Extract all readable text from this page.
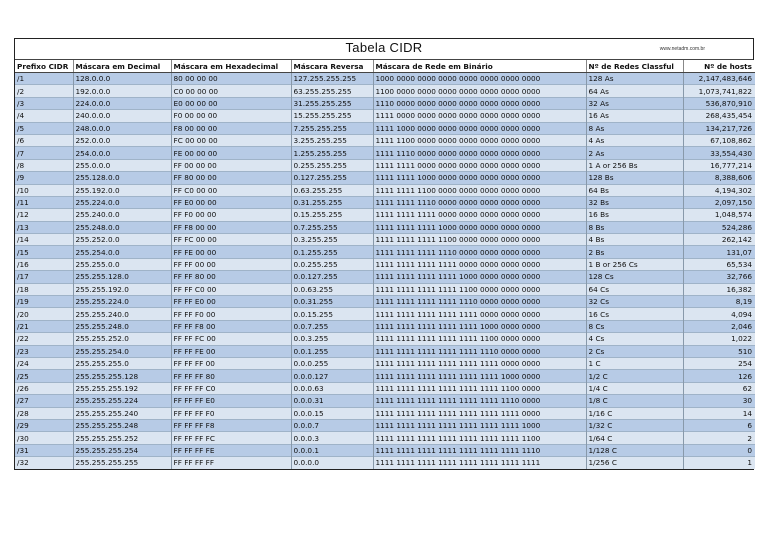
Tabela CIDR	www.netadm.com.br
Prefixo CIDR	Máscara em Decimal	Máscara em Hexadecimal	Máscara Reversa	Máscara de Rede em Binário	Nº de Redes Classful	Nº de hosts
/1	128.0.0.0	80 00 00 00	127.255.255.255	1000 0000 0000 0000 0000 0000 0000 0000	128 As	2,147,483,646
/2	192.0.0.0	C0 00 00 00	63.255.255.255	1100 0000 0000 0000 0000 0000 0000 0000	64 As	1,073,741,822
/3	224.0.0.0	E0 00 00 00	31.255.255.255	1110 0000 0000 0000 0000 0000 0000 0000	32 As	536,870,910
/4	240.0.0.0	F0 00 00 00	15.255.255.255	1111 0000 0000 0000 0000 0000 0000 0000	16 As	268,435,454
/5	248.0.0.0	F8 00 00 00	7.255.255.255	1111 1000 0000 0000 0000 0000 0000 0000	8 As	134,217,726
/6	252.0.0.0	FC 00 00 00	3.255.255.255	1111 1100 0000 0000 0000 0000 0000 0000	4 As	67,108,862
/7	254.0.0.0	FE 00 00 00	1.255.255.255	1111 1110 0000 0000 0000 0000 0000 0000	2 As	33,554,430
/8	255.0.0.0	FF 00 00 00	0.255.255.255	1111 1111 0000 0000 0000 0000 0000 0000	1 A or 256 Bs	16,777,214
/9	255.128.0.0	FF 80 00 00	0.127.255.255	1111 1111 1000 0000 0000 0000 0000 0000	128 Bs	8,388,606
/10	255.192.0.0	FF C0 00 00	0.63.255.255	1111 1111 1100 0000 0000 0000 0000 0000	64 Bs	4,194,302
/11	255.224.0.0	FF E0 00 00	0.31.255.255	1111 1111 1110 0000 0000 0000 0000 0000	32 Bs	2,097,150
/12	255.240.0.0	FF F0 00 00	0.15.255.255	1111 1111 1111 0000 0000 0000 0000 0000	16 Bs	1,048,574
/13	255.248.0.0	FF F8 00 00	0.7.255.255	1111 1111 1111 1000 0000 0000 0000 0000	8 Bs	524,286
/14	255.252.0.0	FF FC 00 00	0.3.255.255	1111 1111 1111 1100 0000 0000 0000 0000	4 Bs	262,142
/15	255.254.0.0	FF FE 00 00	0.1.255.255	1111 1111 1111 1110 0000 0000 0000 0000	2 Bs	131,07
/16	255.255.0.0	FF FF 00 00	0.0.255.255	1111 1111 1111 1111 0000 0000 0000 0000	1 B or 256 Cs	65,534
/17	255.255.128.0	FF FF 80 00	0.0.127.255	1111 1111 1111 1111 1000 0000 0000 0000	128 Cs	32,766
/18	255.255.192.0	FF FF C0 00	0.0.63.255	1111 1111 1111 1111 1100 0000 0000 0000	64 Cs	16,382
/19	255.255.224.0	FF FF E0 00	0.0.31.255	1111 1111 1111 1111 1110 0000 0000 0000	32 Cs	8,19
/20	255.255.240.0	FF FF F0 00	0.0.15.255	1111 1111 1111 1111 1111 0000 0000 0000	16 Cs	4,094
/21	255.255.248.0	FF FF F8 00	0.0.7.255	1111 1111 1111 1111 1111 1000 0000 0000	8 Cs	2,046
/22	255.255.252.0	FF FF FC 00	0.0.3.255	1111 1111 1111 1111 1111 1100 0000 0000	4 Cs	1,022
/23	255.255.254.0	FF FF FE 00	0.0.1.255	1111 1111 1111 1111 1111 1110 0000 0000	2 Cs	510
/24	255.255.255.0	FF FF FF 00	0.0.0.255	1111 1111 1111 1111 1111 1111 0000 0000	1 C	254
/25	255.255.255.128	FF FF FF 80	0.0.0.127	1111 1111 1111 1111 1111 1111 1000 0000	1/2 C	126
/26	255.255.255.192	FF FF FF C0	0.0.0.63	1111 1111 1111 1111 1111 1111 1100 0000	1/4 C	62
/27	255.255.255.224	FF FF FF E0	0.0.0.31	1111 1111 1111 1111 1111 1111 1110 0000	1/8 C	30
/28	255.255.255.240	FF FF FF F0	0.0.0.15	1111 1111 1111 1111 1111 1111 1111 0000	1/16 C	14
/29	255.255.255.248	FF FF FF F8	0.0.0.7	1111 1111 1111 1111 1111 1111 1111 1000	1/32 C	6
/30	255.255.255.252	FF FF FF FC	0.0.0.3	1111 1111 1111 1111 1111 1111 1111 1100	1/64 C	2
/31	255.255.255.254	FF FF FF FE	0.0.0.1	1111 1111 1111 1111 1111 1111 1111 1110	1/128 C	0
/32	255.255.255.255	FF FF FF FF	0.0.0.0	1111 1111 1111 1111 1111 1111 1111 1111	1/256 C	1
